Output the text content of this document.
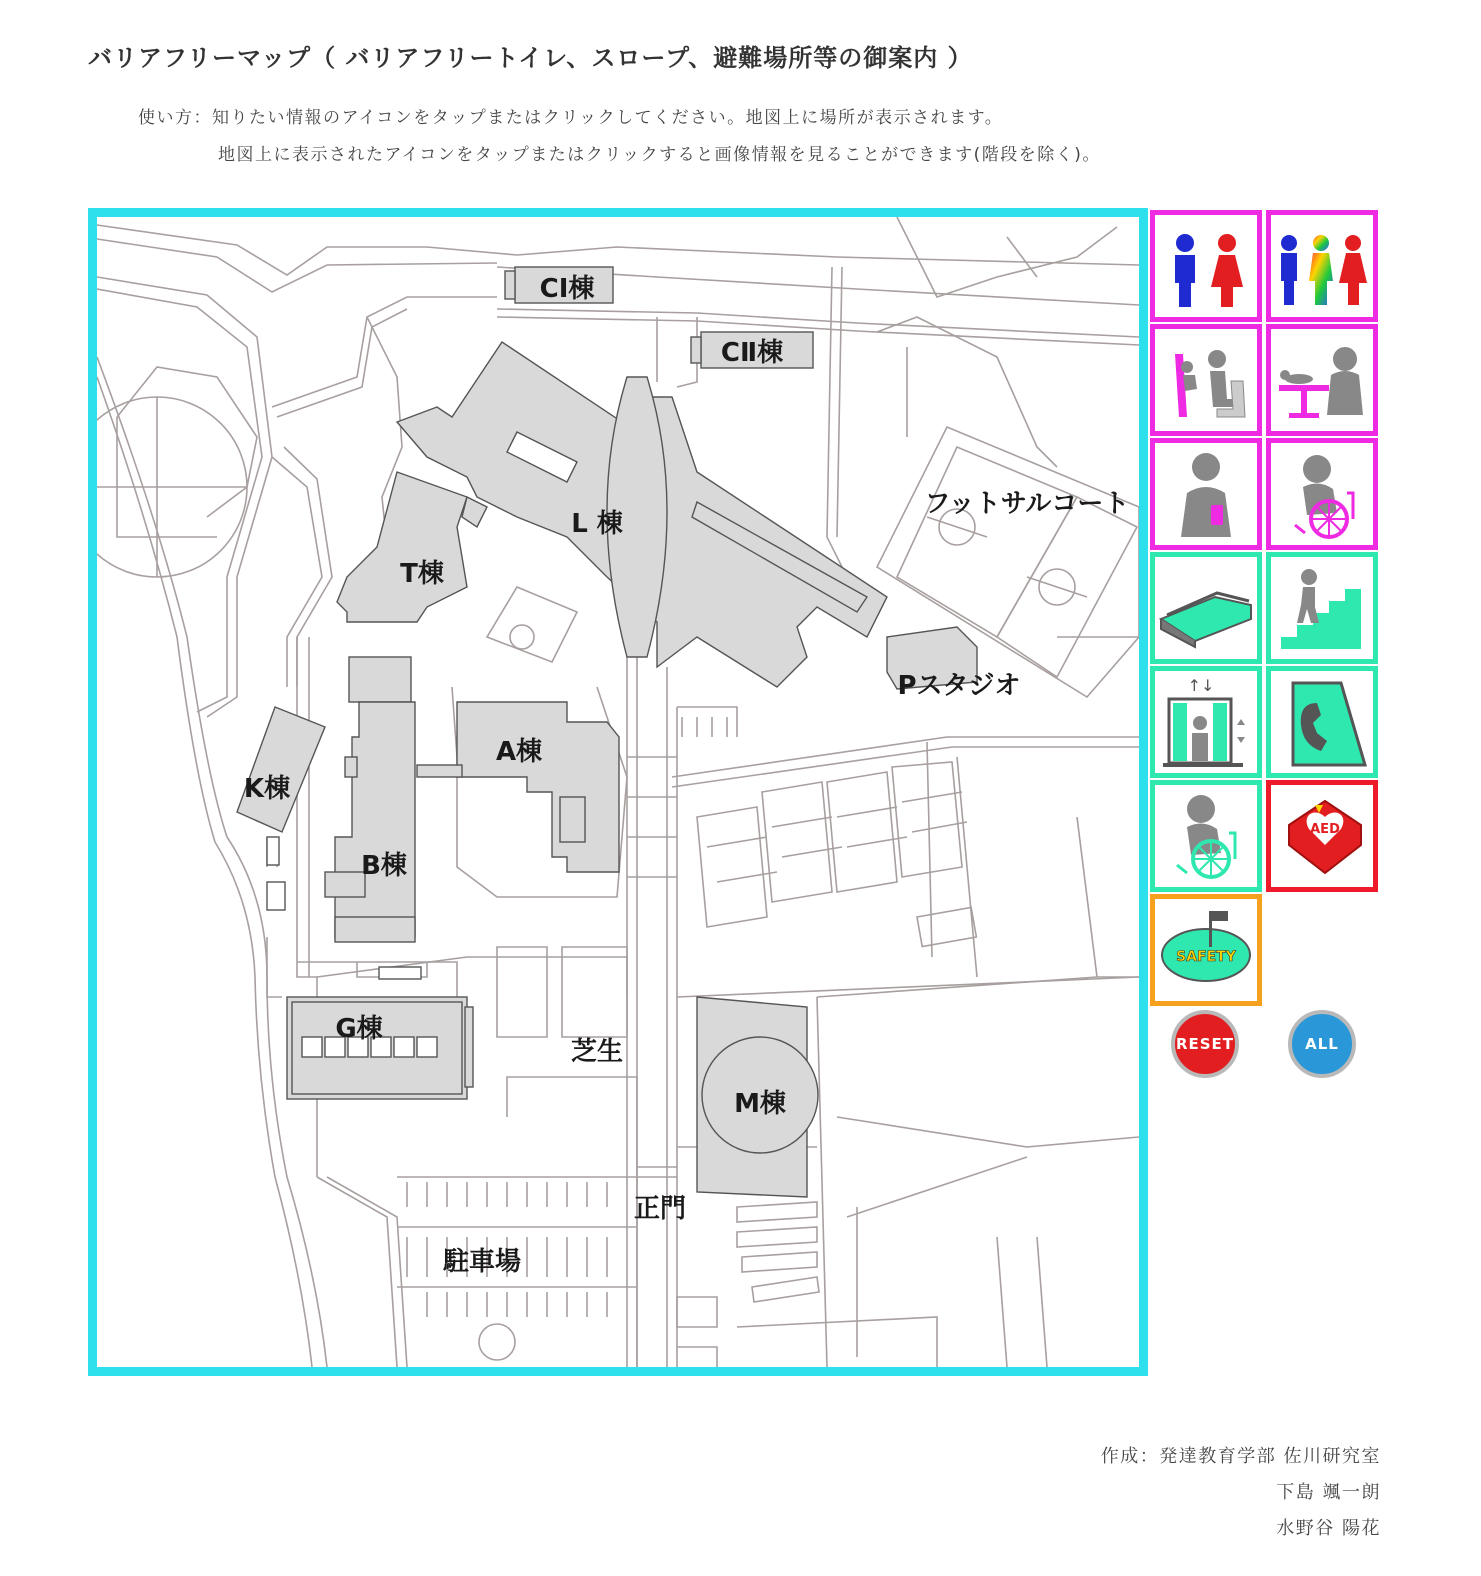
バリアフリーマップ（ バリアフリートイレ、スロープ、避難場所等の御案内 ）
使い方：知りたい情報のアイコンをタップまたはクリックしてください。地図上に場所が表示されます。
地図上に表示されたアイコンをタップまたはクリックすると画像情報を見ることができます(階段を除く)。
CⅠ棟
CⅡ棟
L 棟
T棟
フットサルコート
Pスタジオ
A棟
K棟
B棟
G棟
芝生
M棟
正門
駐車場
↑↓
AED
SAFETY
RESET	ALL
作成：発達教育学部 佐川研究室
下島 颯一朗
水野谷 陽花
